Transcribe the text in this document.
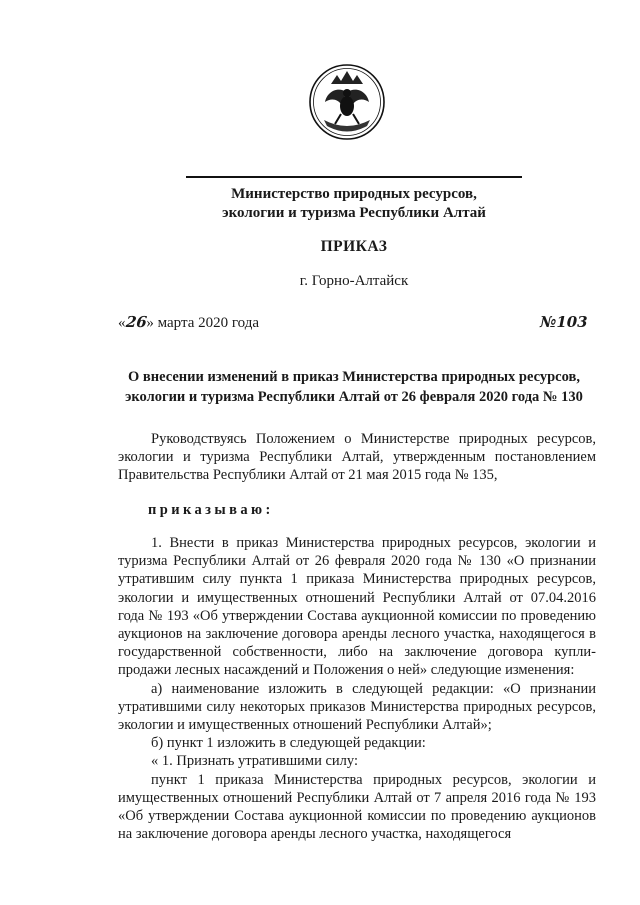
Министерство природных ресурсов,
экологии и туризма Республики Алтай
ПРИКАЗ
г. Горно-Алтайск
«26» марта 2020 года	№103
О внесении изменений в приказ Министерства природных ресурсов,
экологии и туризма Республики Алтай от 26 февраля 2020 года № 130

Руководствуясь Положением о Министерстве природных ресурсов, экологии и туризма Республики Алтай, утвержденным постановлением Правительства Республики Алтай от 21 мая 2015 года № 135,

приказываю:

1. Внести в приказ Министерства природных ресурсов, экологии и туризма Республики Алтай от 26 февраля 2020 года № 130 «О признании утратившим силу пункта 1 приказа Министерства природных ресурсов, экологии и имущественных отношений Республики Алтай от 07.04.2016 года № 193 «Об утверждении Состава аукционной комиссии по проведению аукционов на заключение договора аренды лесного участка, находящегося в государственной собственности, либо на заключение договора купли-продажи лесных насаждений и Положения о ней» следующие изменения:

а) наименование изложить в следующей редакции: «О признании утратившими силу некоторых приказов Министерства природных ресурсов, экологии и имущественных отношений Республики Алтай»;

б) пункт 1 изложить в следующей редакции:

« 1. Признать утратившими силу:

пункт 1 приказа Министерства природных ресурсов, экологии и имущественных отношений Республики Алтай от 7 апреля 2016 года № 193 «Об утверждении Состава аукционной комиссии по проведению аукционов на заключение договора аренды лесного участка, находящегося
